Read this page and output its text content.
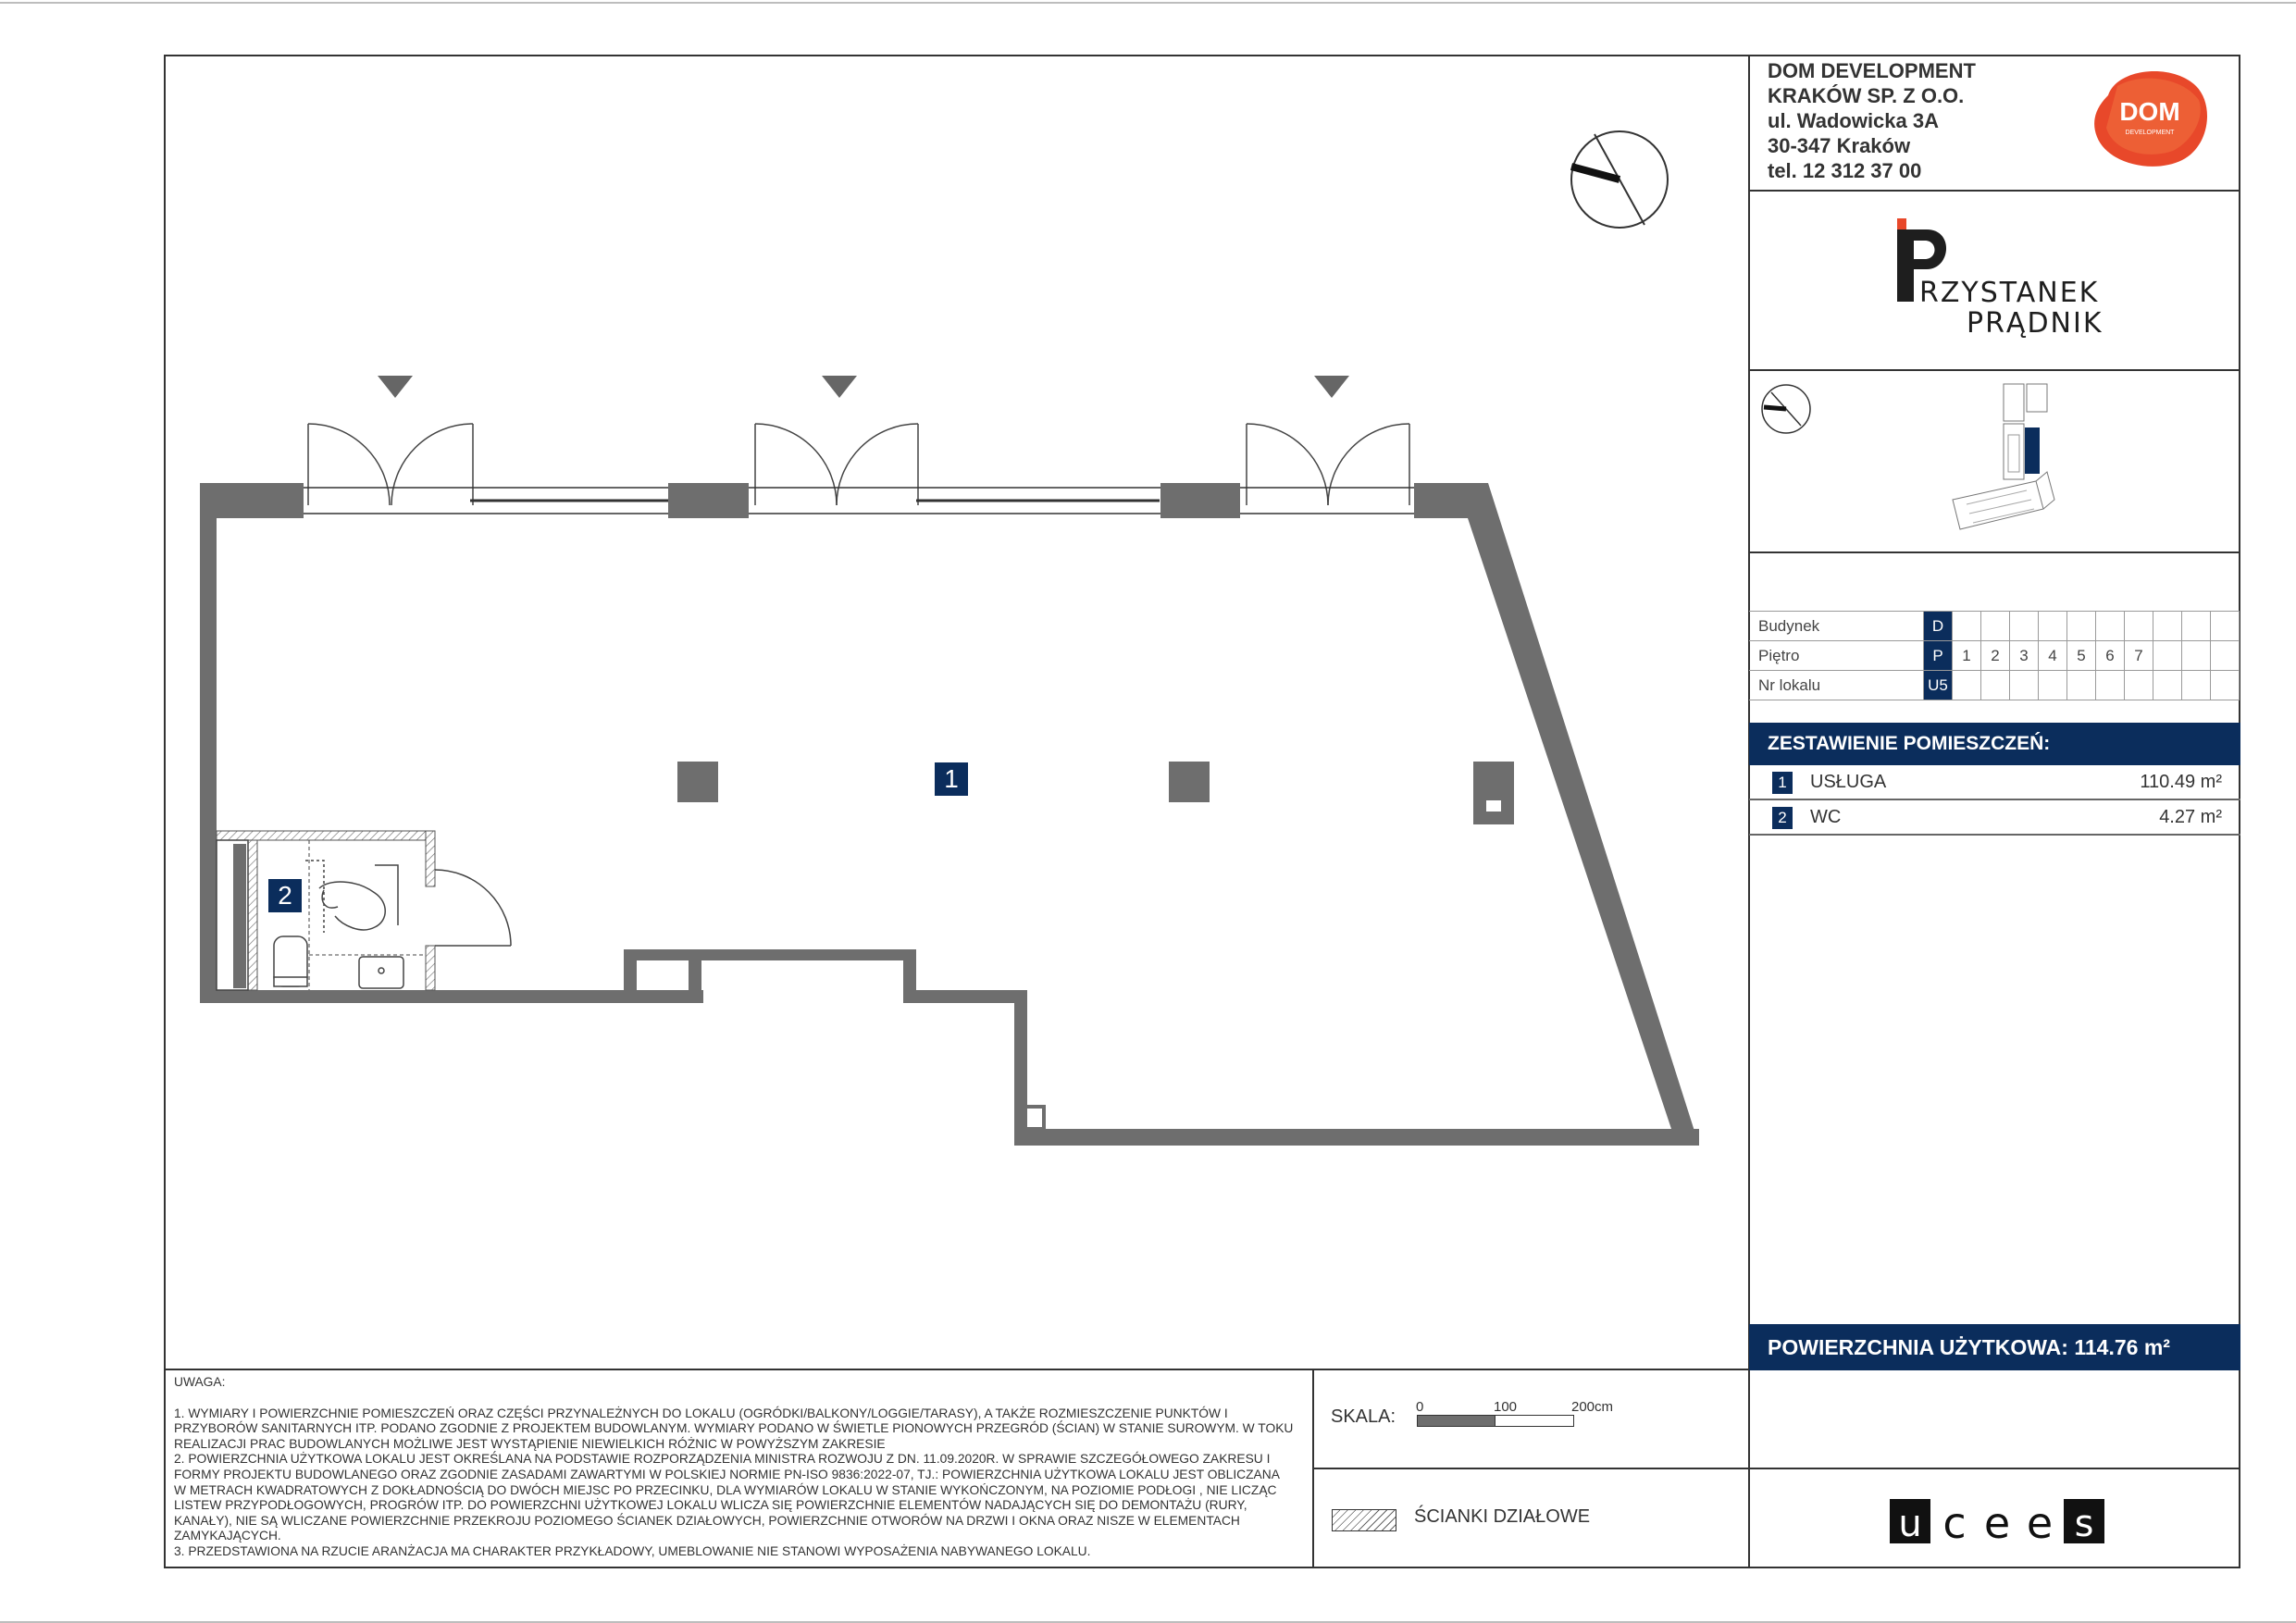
DOM DEVELOPMENT
KRAKÓW SP. Z O.O.
ul. Wadowicka 3A
30-347 Kraków
tel. 12 312 37 00
DOM
DEVELOPMENT
RZYSTANEK
PRĄDNIK
Budynek	D										
Piętro	P	1	2	3	4	5	6	7			
Nr lokalu	U5										
ZESTAWIENIE POMIESZCZEŃ:
1	USŁUGA	110.49 m²
2	WC	4.27 m²
POWIERZCHNIA UŻYTKOWA: 114.76 m²
1
2

UWAGA:

1. WYMIARY I POWIERZCHNIE POMIESZCZEŃ ORAZ CZĘŚCI PRZYNALEŻNYCH DO LOKALU (OGRÓDKI/BALKONY/LOGGIE/TARASY), A TAKŻE ROZMIESZCZENIE PUNKTÓW I PRZYBORÓW SANITARNYCH ITP. PODANO ZGODNIE Z PROJEKTEM BUDOWLANYM. WYMIARY PODANO W ŚWIETLE PIONOWYCH PRZEGRÓD (ŚCIAN) W STANIE SUROWYM. W TOKU REALIZACJI PRAC BUDOWLANYCH MOŻLIWE JEST WYSTĄPIENIE NIEWIELKICH RÓŻNIC W POWYŻSZYM ZAKRESIE

2. POWIERZCHNIA UŻYTKOWA LOKALU JEST OKREŚLANA NA PODSTAWIE ROZPORZĄDZENIA MINISTRA ROZWOJU Z DN. 11.09.2020R. W SPRAWIE SZCZEGÓŁOWEGO ZAKRESU I FORMY PROJEKTU BUDOWLANEGO ORAZ ZGODNIE ZASADAMI ZAWARTYMI W POLSKIEJ NORMIE PN-ISO 9836:2022-07, TJ.: POWIERZCHNIA UŻYTKOWA LOKALU JEST OBLICZANA W METRACH KWADRATOWYCH Z DOKŁADNOŚCIĄ DO DWÓCH MIEJSC PO PRZECINKU, DLA WYMIARÓW LOKALU W STANIE WYKOŃCZONYM, NA POZIOMIE PODŁOGI , NIE LICZĄC LISTEW PRZYPODŁOGOWYCH, PROGRÓW ITP. DO POWIERZCHNI UŻYTKOWEJ LOKALU WLICZA SIĘ POWIERZCHNIE ELEMENTÓW NADAJĄCYCH SIĘ DO DEMONTAŻU (RURY, KANAŁY), NIE SĄ WLICZANE POWIERZCHNIE PRZEKROJU POZIOMEGO ŚCIANEK DZIAŁOWYCH, POWIERZCHNIE OTWORÓW NA DRZWI I OKNA ORAZ NISZE W ELEMENTACH ZAMYKAJĄCYCH.

3. PRZEDSTAWIONA NA RZUCIE ARANŻACJA MA CHARAKTER PRZYKŁADOWY, UMEBLOWANIE NIE STANOWI WYPOSAŻENIA NABYWANEGO LOKALU.

SKALA: 0	100	200cm
ŚCIANKI DZIAŁOWE	u c e e s
